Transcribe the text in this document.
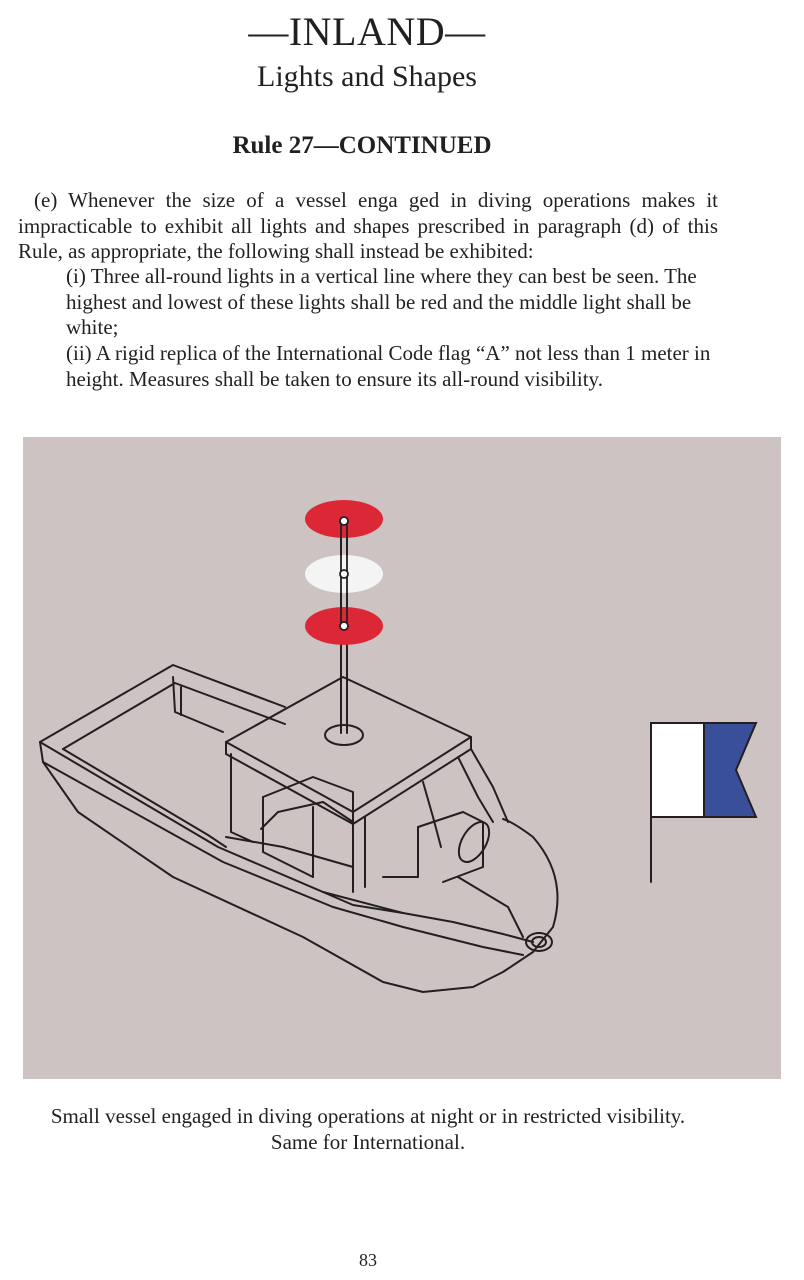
—INLAND—
Lights and Shapes
Rule 27—CONTINUED

(e) Whenever the size of a vessel enga ged in diving operations makes it impracticable to exhibit all lights and shapes prescribed in paragraph (d) of this Rule, as appropriate, the following shall instead be exhibited:

(i) Three all-round lights in a vertical line where they can best be seen. The highest and lowest of these lights shall be red and the middle light shall be white;

(ii) A rigid replica of the International Code flag “A” not less than 1 meter in height. Measures shall be taken to ensure its all-round visibility.

Small vessel engaged in diving operations at night or in restricted visibility.
Same for International.
83
